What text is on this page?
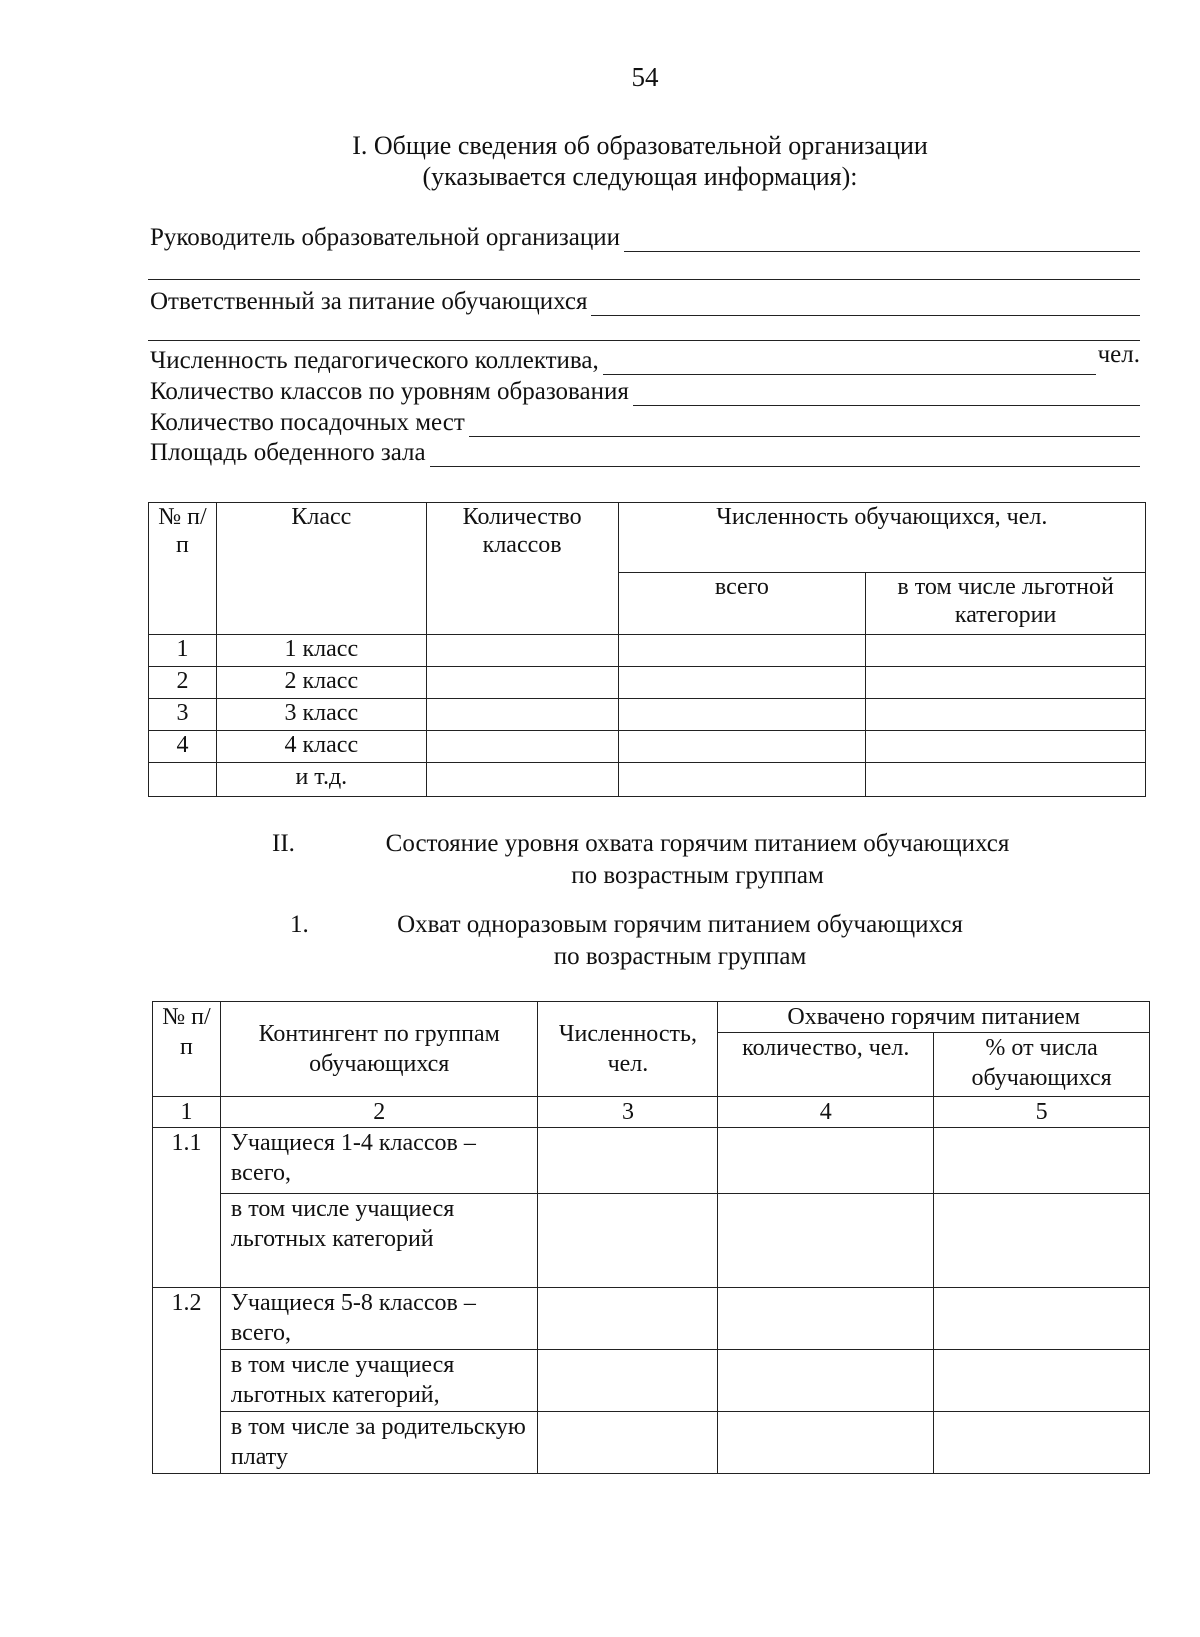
54
I. Общие сведения об образовательной организации
(указывается следующая информация):
Руководитель образовательной организации
Ответственный за питание обучающихся
Численность педагогического коллектива,	чел.
Количество классов по уровням образования
Количество посадочных мест
Площадь обеденного зала
№ п/п	Класс	Количество классов	Численность обучающихся, чел.	
			всего	в том числе льготной категории
1	1 класс			
2	2 класс			
3	3 класс			
4	4 класс			
	и т.д.			
II.	Состояние уровня охвата горячим питанием обучающихся
по возрастным группам
1.	Охват одноразовым горячим питанием обучающихся
по возрастным группам
№ п/п	Контингент по группам обучающихся	Численность, чел.	Охвачено горячим питанием	
			количество, чел.	% от числа обучающихся
1	2	3	4	5
1.1	Учащиеся 1-4 классов – всего,			
	в том числе учащиеся льготных категорий			
1.2	Учащиеся 5-8 классов – всего,			
	в том числе учащиеся льготных категорий,			
	в том числе за родительскую плату			
